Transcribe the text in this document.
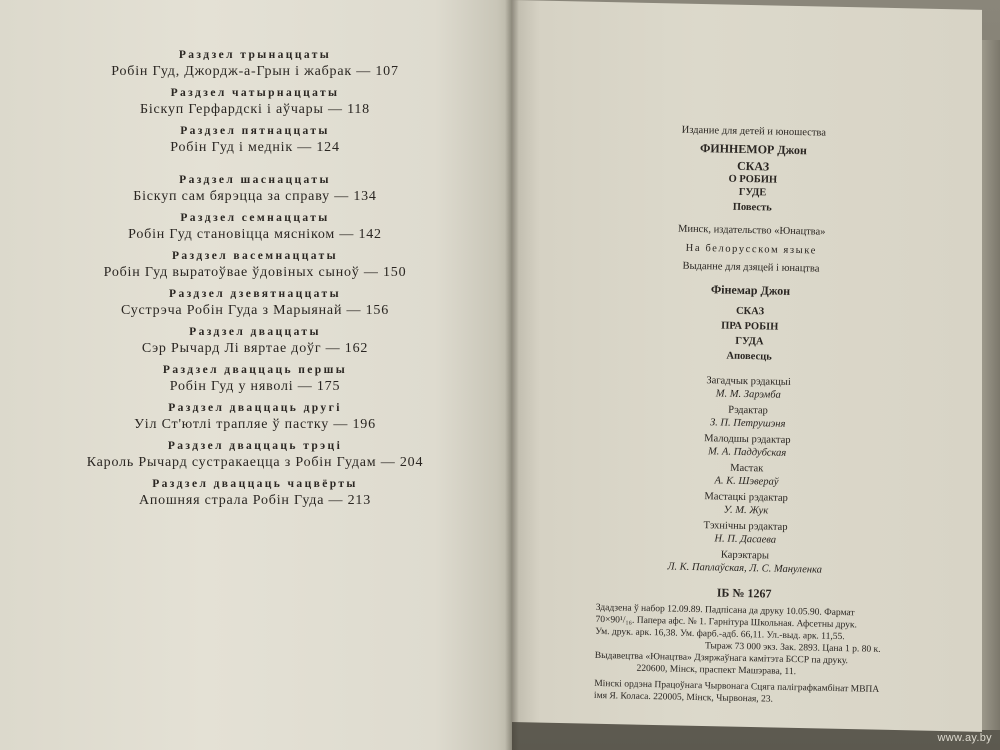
Раздзел трынаццаты
Робін Гуд, Джордж-а-Грын і жабрак — 107
Раздзел чатырнаццаты
Біскуп Герфардскі і аўчары — 118
Раздзел пятнаццаты
Робін Гуд і меднік — 124
Раздзел шаснаццаты
Біскуп сам бярэцца за справу — 134
Раздзел семнаццаты
Робін Гуд становіцца мясніком — 142
Раздзел васемнаццаты
Робін Гуд выратоўвае ўдовіных сыноў — 150
Раздзел дзевятнаццаты
Сустрэча Робін Гуда з Марыянай — 156
Раздзел дваццаты
Сэр Рычард Лі вяртае доўг — 162
Раздзел дваццаць першы
Робін Гуд у няволі — 175
Раздзел дваццаць другі
Уіл Ст'ютлі трапляе ў пастку — 196
Раздзел дваццаць трэці
Кароль Рычард сустракаецца з Робін Гудам — 204
Раздзел дваццаць чацвёрты
Апошняя страла Робін Гуда — 213
Издание для детей и юношества
ФИННЕМОР Джон
СКАЗ
О РОБИН
ГУДЕ
Повесть
Минск, издательство «Юнацтва»
На белорусском языке
Выданне для дзяцей і юнацтва
Фінемар Джон
СКАЗ
ПРА РОБІН
ГУДА
Аповесць
Загадчык рэдакцыі
М. М. Зарэмба
Рэдактар
З. П. Петрушэня
Малодшы рэдактар
М. А. Паддубская
Мастак
А. К. Шэвераў
Мастацкі рэдактар
У. М. Жук
Тэхнічны рэдактар
Н. П. Дасаева
Карэктары
Л. К. Паплаўская, Л. С. Мануленка
ІБ № 1267
Здадзена ў набор 12.09.89. Падпісана да друку 10.05.90. Фармат
70×90¹/₁₆. Папера афс. № 1. Гарнітура Школьная. Афсетны друк.
Ум. друк. арк. 16,38. Ум. фарб.-адб. 66,11. Ул.-выд. арк. 11,55.
Тыраж 73 000 экз. Зак. 2893. Цана 1 р. 80 к.
Выдавецтва «Юнацтва» Дзяржаўнага камітэта БССР па друку.
220600, Мінск, праспект Машэрава, 11.
Мінскі ордэна Працоўнага Чырвонага Сцяга паліграфкамбінат МВПА
імя Я. Коласа. 220005, Мінск, Чырвоная, 23.
www.ay.by
